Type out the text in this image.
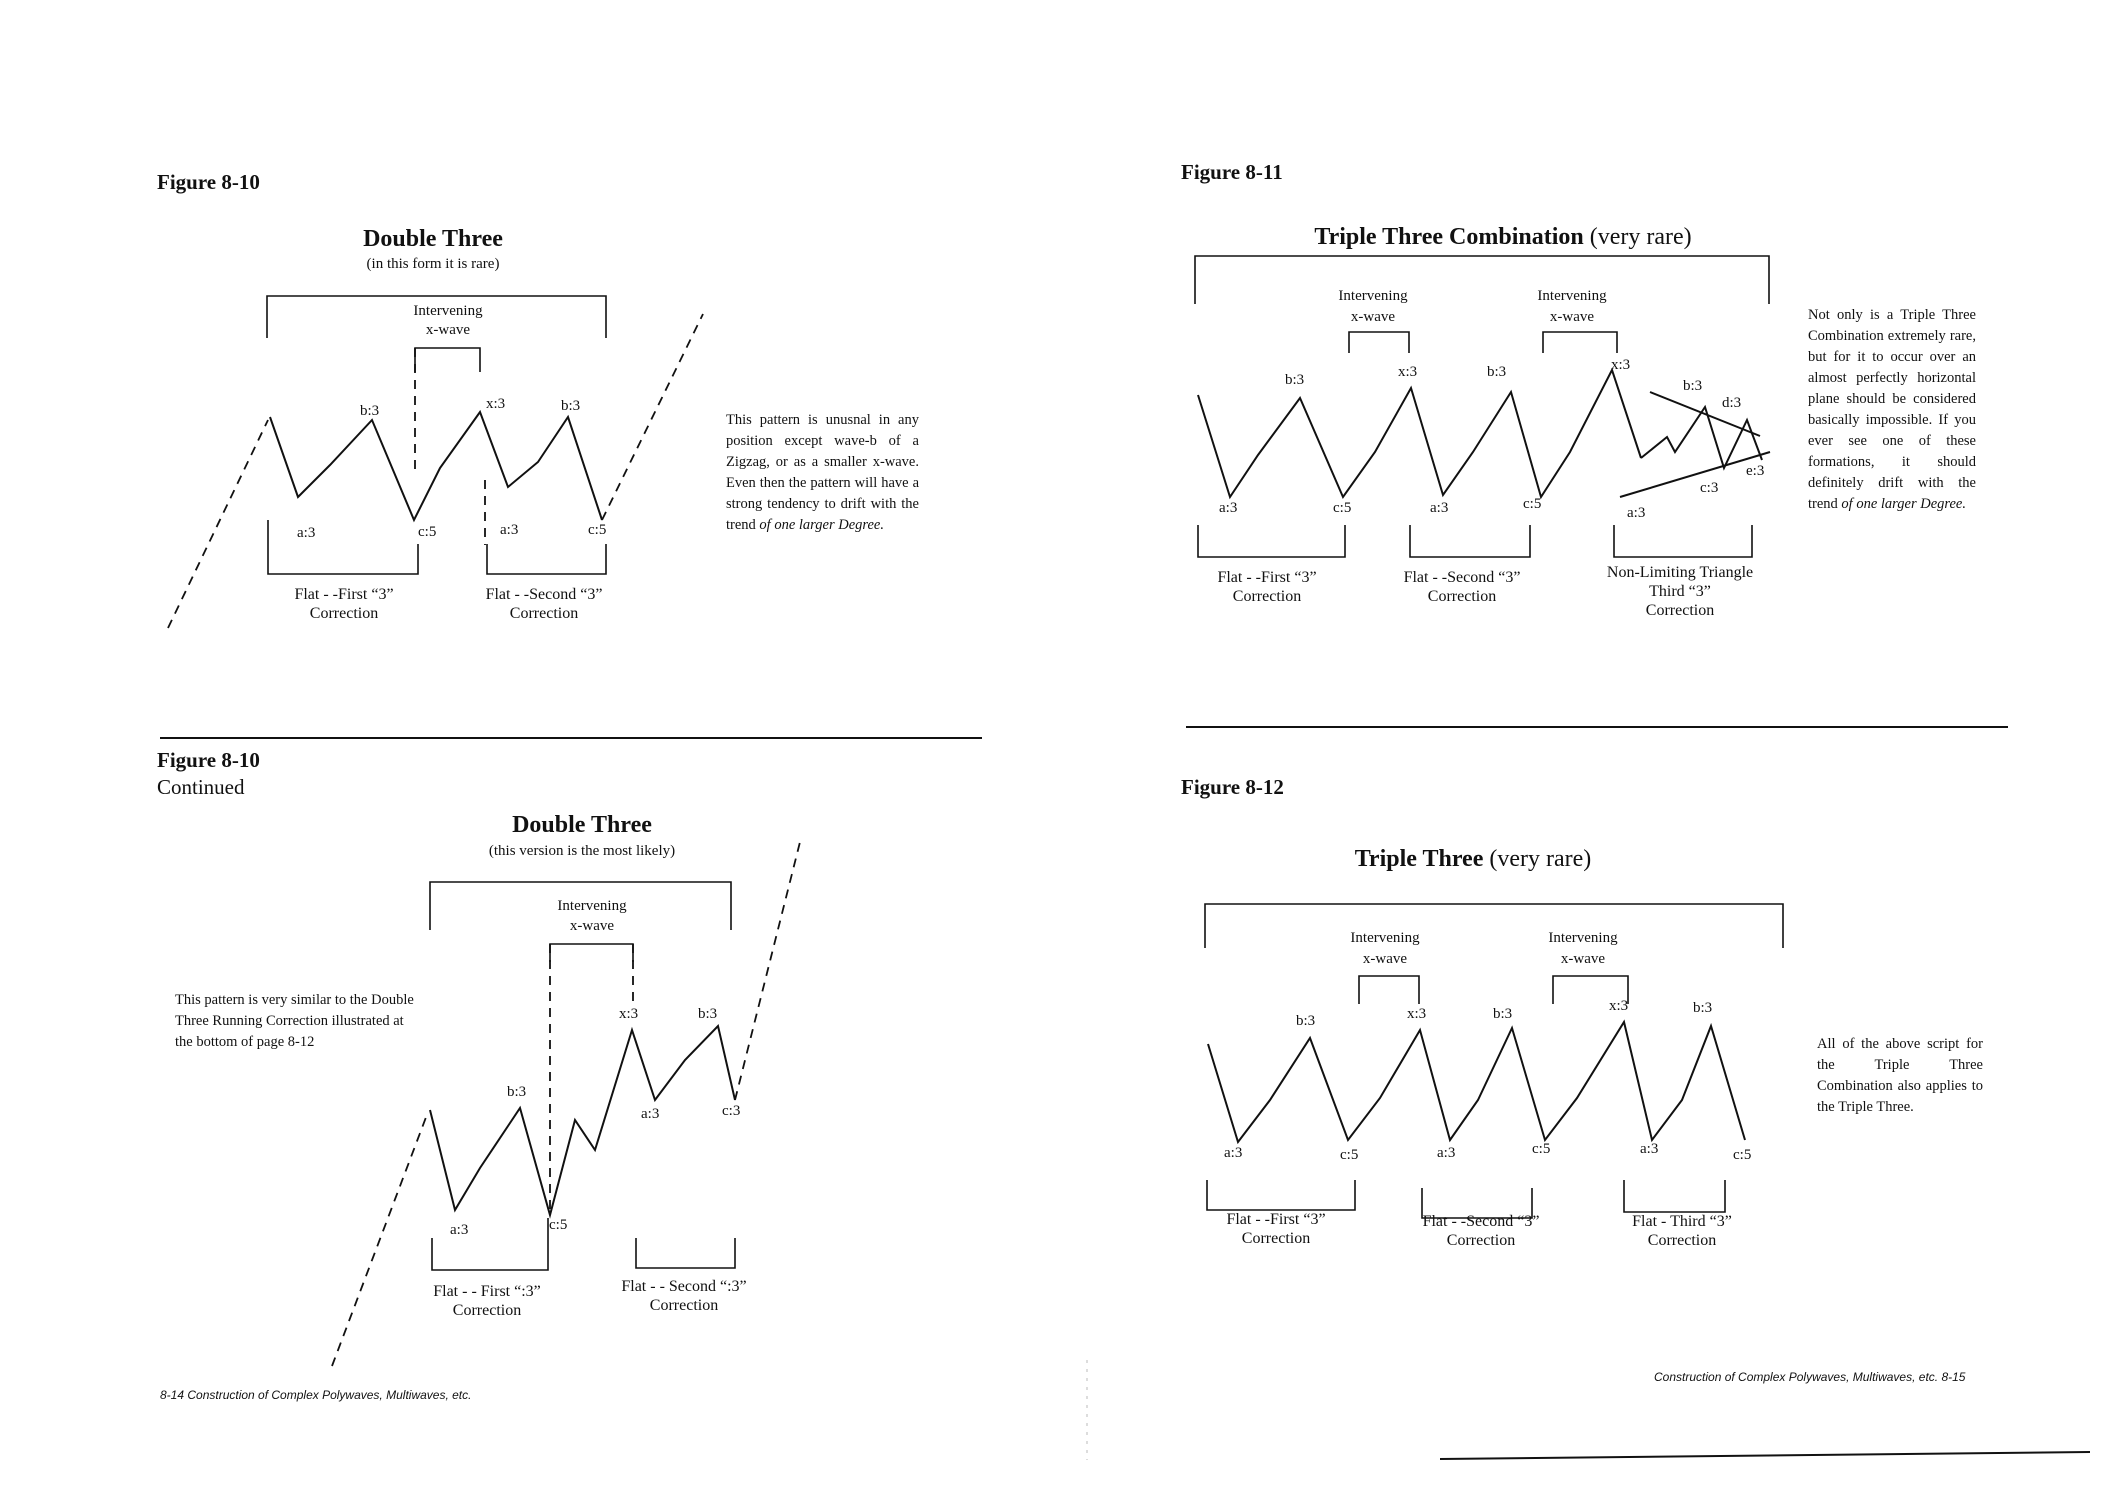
Figure 8-10
Double Three
(in this form it is rare)
Intervening
x-wave
a:3
b:3
c:5
x:3
a:3
b:3
c:5
Flat - -First “3”
Correction
Flat - -Second “3”
Correction
This pattern is unusnal in any position except wave-b of a Zigzag, or as a smaller x-wave. Even then the pattern will have a strong tendency to drift with the trend of one larger Degree.
Figure 8-10
Continued
Double Three
(this version is the most likely)
Intervening
x-wave
a:3
b:3
c:5
x:3
a:3
b:3
c:3
Flat - - First “:3”
Correction
Flat - - Second “:3”
Correction
This pattern is very similar to the Double Three Running Correction illustrated at the bottom of page 8-12
8-14 Construction of Complex Polywaves, Multiwaves, etc.
Figure 8-11
Triple Three Combination (very rare)
Intervening
x-wave
Intervening
x-wave
a:3
b:3
c:5
x:3
a:3
b:3
c:5
x:3
a:3
b:3
c:3
d:3
e:3
Flat - -First “3”
Correction
Flat - -Second “3”
Correction
Non-Limiting Triangle
Third “3”
Correction
Not only is a Triple Three Combination extremely rare, but for it to occur over an almost perfectly horizontal plane should be considered basically impossible. If you ever see one of these formations, it should definitely drift with the trend of one larger Degree.
Figure 8-12
Triple Three (very rare)
Intervening
x-wave
Intervening
x-wave
a:3
b:3
c:5
x:3
a:3
b:3
c:5
x:3
a:3
b:3
c:5
Flat - -First “3”
Correction
Flat - -Second “3”
Correction
Flat - Third “3”
Correction
All of the above script for the Triple Three Combination also applies to the Triple Three.
Construction of Complex Polywaves, Multiwaves, etc. 8-15
